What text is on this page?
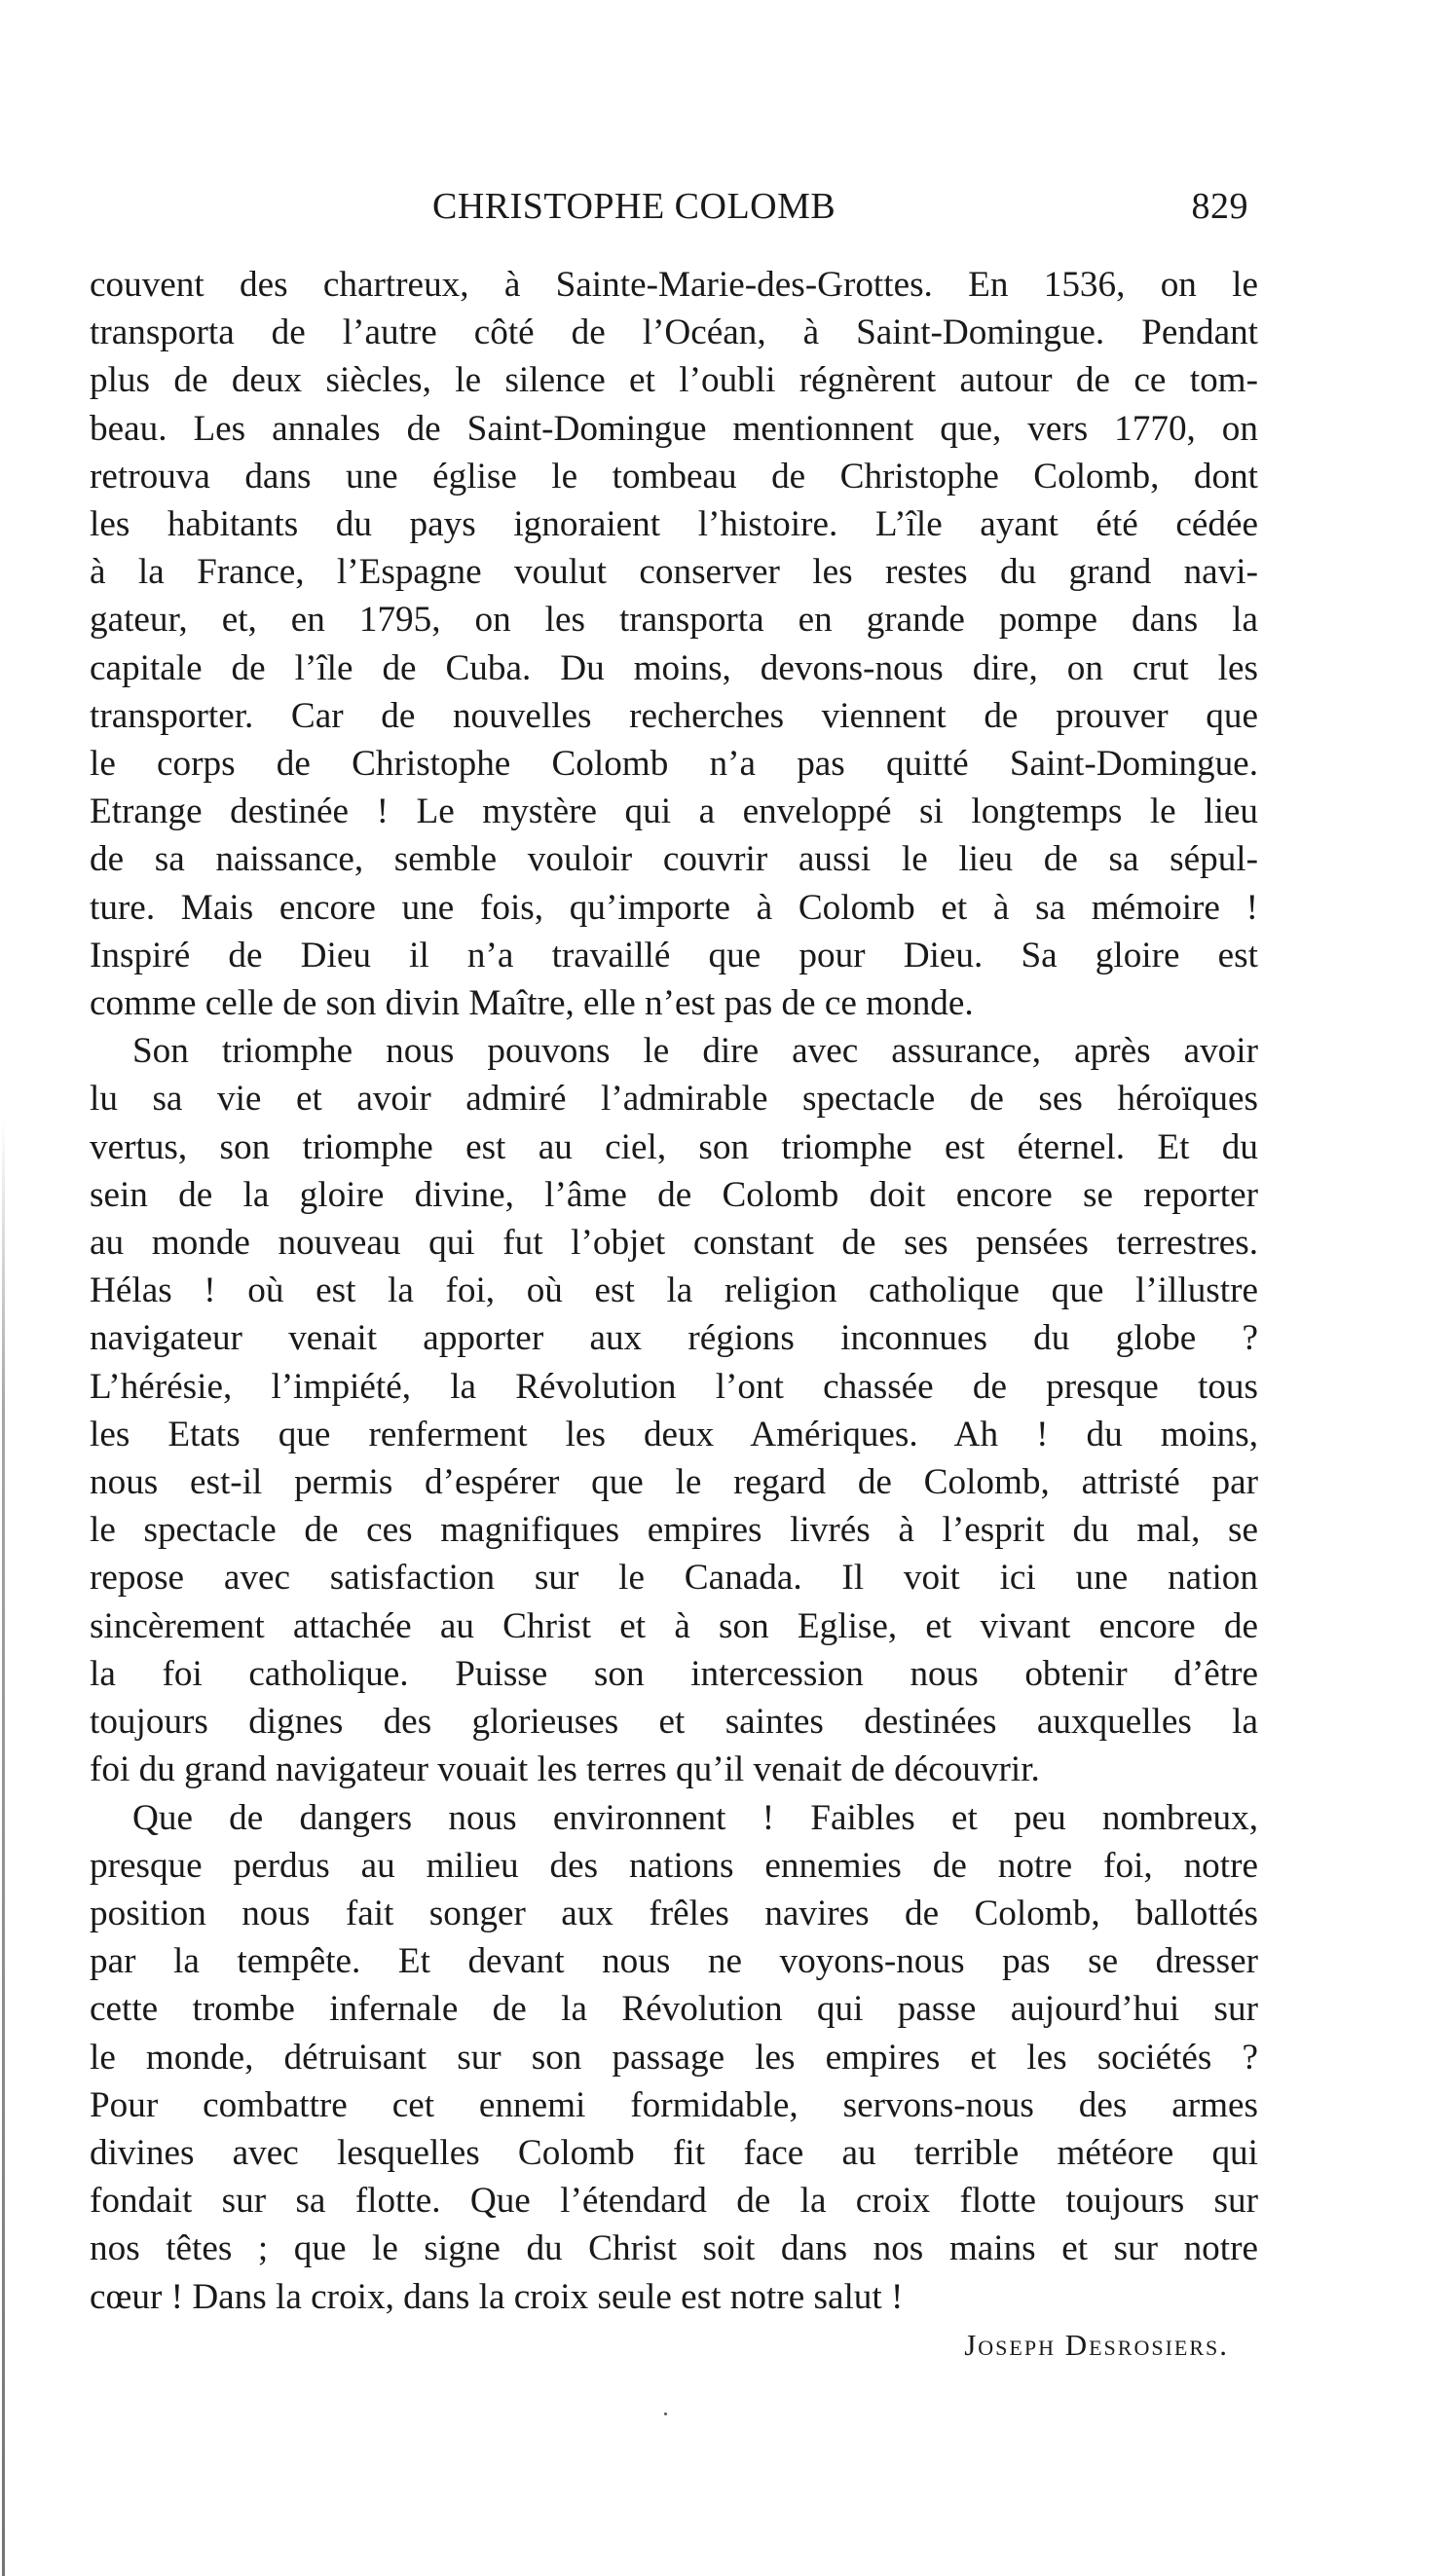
CHRISTOPHE COLOMB	829
couvent des chartreux, à Sainte-Marie-des-Grottes. En 1536, on le
transporta de l’autre côté de l’Océan, à Saint-Domingue. Pendant
plus de deux siècles, le silence et l’oubli régnèrent autour de ce tom-
beau. Les annales de Saint-Domingue mentionnent que, vers 1770, on
retrouva dans une église le tombeau de Christophe Colomb, dont
les habitants du pays ignoraient l’histoire. L’île ayant été cédée
à la France, l’Espagne voulut conserver les restes du grand navi-
gateur, et, en 1795, on les transporta en grande pompe dans la
capitale de l’île de Cuba. Du moins, devons-nous dire, on crut les
transporter. Car de nouvelles recherches viennent de prouver que
le corps de Christophe Colomb n’a pas quitté Saint-Domingue.
Etrange destinée ! Le mystère qui a enveloppé si longtemps le lieu
de sa naissance, semble vouloir couvrir aussi le lieu de sa sépul-
ture. Mais encore une fois, qu’importe à Colomb et à sa mémoire !
Inspiré de Dieu il n’a travaillé que pour Dieu. Sa gloire est
comme celle de son divin Maître, elle n’est pas de ce monde.
Son triomphe nous pouvons le dire avec assurance, après avoir
lu sa vie et avoir admiré l’admirable spectacle de ses héroïques
vertus, son triomphe est au ciel, son triomphe est éternel. Et du
sein de la gloire divine, l’âme de Colomb doit encore se reporter
au monde nouveau qui fut l’objet constant de ses pensées terrestres.
Hélas ! où est la foi, où est la religion catholique que l’illustre
navigateur venait apporter aux régions inconnues du globe ?
L’hérésie, l’impiété, la Révolution l’ont chassée de presque tous
les Etats que renferment les deux Amériques. Ah ! du moins,
nous est-il permis d’espérer que le regard de Colomb, attristé par
le spectacle de ces magnifiques empires livrés à l’esprit du mal, se
repose avec satisfaction sur le Canada. Il voit ici une nation
sincèrement attachée au Christ et à son Eglise, et vivant encore de
la foi catholique. Puisse son intercession nous obtenir d’être
toujours dignes des glorieuses et saintes destinées auxquelles la
foi du grand navigateur vouait les terres qu’il venait de découvrir.
Que de dangers nous environnent ! Faibles et peu nombreux,
presque perdus au milieu des nations ennemies de notre foi, notre
position nous fait songer aux frêles navires de Colomb, ballottés
par la tempête. Et devant nous ne voyons-nous pas se dresser
cette trombe infernale de la Révolution qui passe aujourd’hui sur
le monde, détruisant sur son passage les empires et les sociétés ?
Pour combattre cet ennemi formidable, servons-nous des armes
divines avec lesquelles Colomb fit face au terrible météore qui
fondait sur sa flotte. Que l’étendard de la croix flotte toujours sur
nos têtes ; que le signe du Christ soit dans nos mains et sur notre
cœur ! Dans la croix, dans la croix seule est notre salut !
Joseph Desrosiers.
